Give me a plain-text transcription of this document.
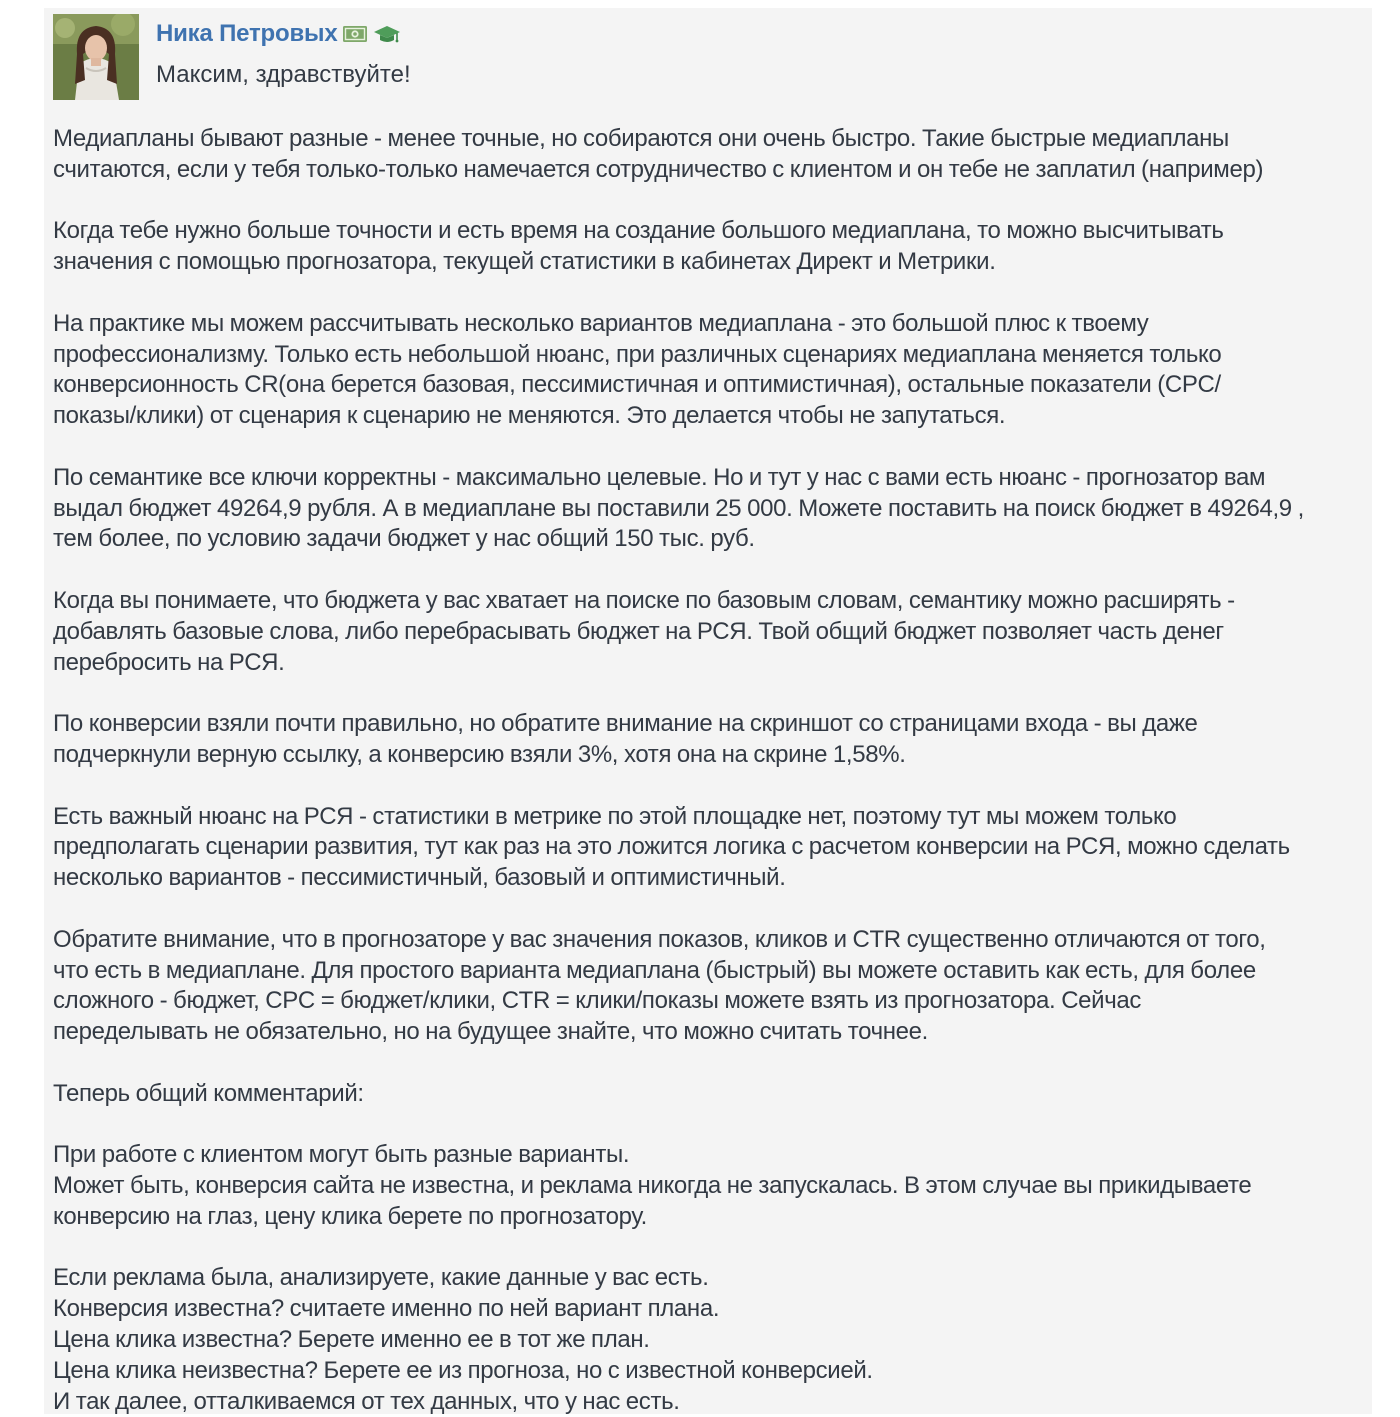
Ника Петровых
Максим, здравствуйте!

Медиапланы бывают разные - менее точные, но собираются они очень быстро. Такие быстрые медиапланы
считаются, если у тебя только-только намечается сотрудничество с клиентом и он тебе не заплатил (например)

Когда тебе нужно больше точности и есть время на создание большого медиаплана, то можно высчитывать
значения с помощью прогнозатора, текущей статистики в кабинетах Директ и Метрики.

На практике мы можем рассчитывать несколько вариантов медиаплана - это большой плюс к твоему
профессионализму. Только есть небольшой нюанс, при различных сценариях медиаплана меняется только
конверсионность CR(она берется базовая, пессимистичная и оптимистичная), остальные показатели (CPC/
показы/клики) от сценария к сценарию не меняются. Это делается чтобы не запутаться.

По семантике все ключи корректны - максимально целевые. Но и тут у нас с вами есть нюанс - прогнозатор вам
выдал бюджет 49264,9 рубля. А в медиаплане вы поставили 25 000. Можете поставить на поиск бюджет в 49264,9 ,
тем более, по условию задачи бюджет у нас общий 150 тыс. руб.

Когда вы понимаете, что бюджета у вас хватает на поиске по базовым словам, семантику можно расширять -
добавлять базовые слова, либо перебрасывать бюджет на РСЯ. Твой общий бюджет позволяет часть денег
перебросить на РСЯ.

По конверсии взяли почти правильно, но обратите внимание на скриншот со страницами входа - вы даже
подчеркнули верную ссылку, а конверсию взяли 3%, хотя она на скрине 1,58%.

Есть важный нюанс на РСЯ - статистики в метрике по этой площадке нет, поэтому тут мы можем только
предполагать сценарии развития, тут как раз на это ложится логика с расчетом конверсии на РСЯ, можно сделать
несколько вариантов - пессимистичный, базовый и оптимистичный.

Обратите внимание, что в прогнозаторе у вас значения показов, кликов и CTR существенно отличаются от того,
что есть в медиаплане. Для простого варианта медиаплана (быстрый) вы можете оставить как есть, для более
сложного - бюджет, CPC = бюджет/клики, CTR = клики/показы можете взять из прогнозатора. Сейчас
переделывать не обязательно, но на будущее знайте, что можно считать точнее.

Теперь общий комментарий:

При работе с клиентом могут быть разные варианты.
Может быть, конверсия сайта не известна, и реклама никогда не запускалась. В этом случае вы прикидываете
конверсию на глаз, цену клика берете по прогнозатору.

Если реклама была, анализируете, какие данные у вас есть.
Конверсия известна? считаете именно по ней вариант плана.
Цена клика известна? Берете именно ее в тот же план.
Цена клика неизвестна? Берете ее из прогноза, но с известной конверсией.
И так далее, отталкиваемся от тех данных, что у нас есть.
